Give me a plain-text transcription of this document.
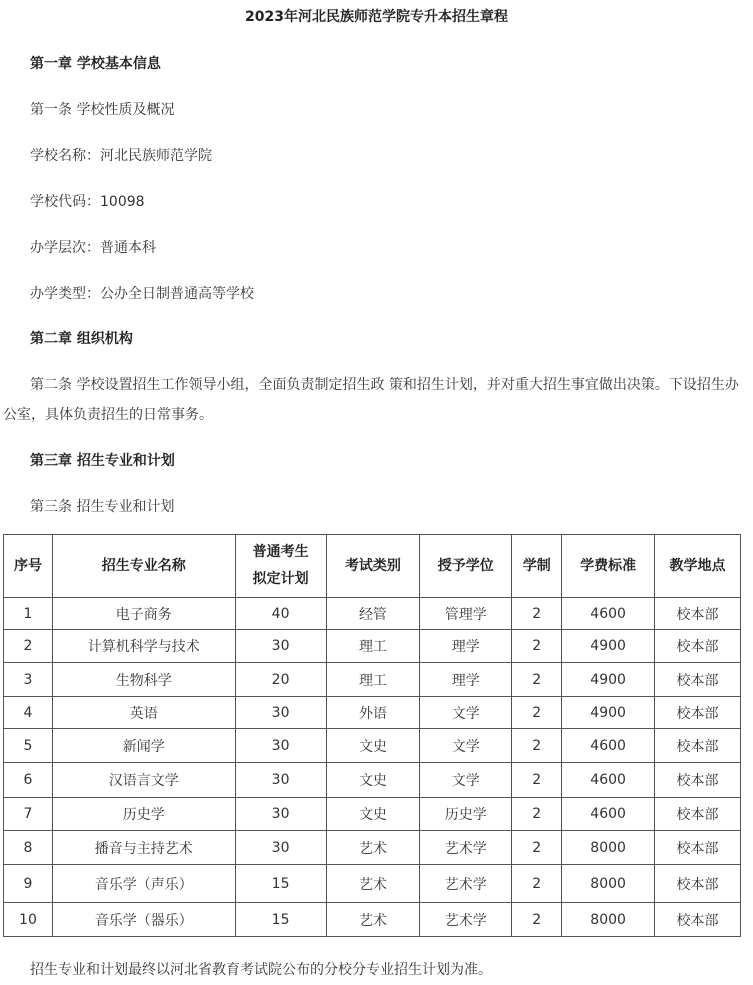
2023年河北民族师范学院专升本招生章程
第一章 学校基本信息
第一条 学校性质及概况
学校名称：河北民族师范学院
学校代码：10098
办学层次：普通本科
办学类型：公办全日制普通高等学校
第二章 组织机构
第二条 学校设置招生工作领导小组，全面负责制定招生政 策和招生计划，并对重大招生事宜做出决策。下设招生办
公室，具体负责招生的日常事务。
第三章 招生专业和计划
第三条 招生专业和计划
序号	招生专业名称	普通考生
拟定计划	考试类别	授予学位	学制	学费标准	教学地点
1	电子商务	40	经管	管理学	2	4600	校本部
2	计算机科学与技术	30	理工	理学	2	4900	校本部
3	生物科学	20	理工	理学	2	4900	校本部
4	英语	30	外语	文学	2	4900	校本部
5	新闻学	30	文史	文学	2	4600	校本部
6	汉语言文学	30	文史	文学	2	4600	校本部
7	历史学	30	文史	历史学	2	4600	校本部
8	播音与主持艺术	30	艺术	艺术学	2	8000	校本部
9	音乐学（声乐）	15	艺术	艺术学	2	8000	校本部
10	音乐学（器乐）	15	艺术	艺术学	2	8000	校本部
招生专业和计划最终以河北省教育考试院公布的分校分专业招生计划为准。
